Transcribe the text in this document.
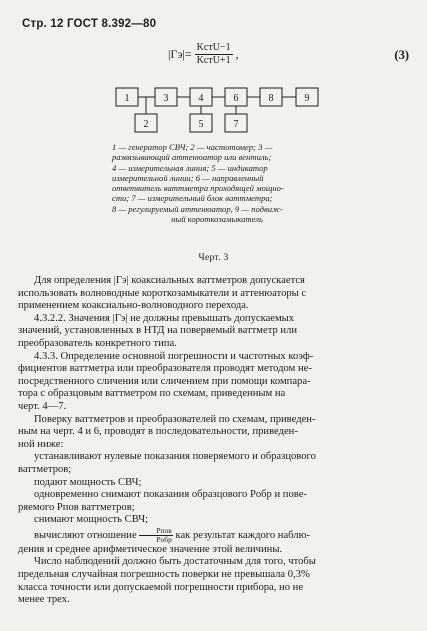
Стр. 12 ГОСТ 8.392—80
$|\Gamma э|= \frac{\text{KстU−1}}{\text{KстU+1}}$ ,	(3)
1	3	4	6	8	9
2	5	7
1 — генератор СВЧ; 2 — частотомер; 3 —
развязывающий аттенюатор или вентиль;
4 — измерительная линия; 5 — индикатор
измерительной линии; 6 — направленный
ответвитель ваттметра проходящей мощно-
сти; 7 — измерительный блок ваттметра;
8 — регулируемый аттенюатор, 9 — подвиж-
ный короткозамыкатель
Черт. 3
Для определения |Гэ| коаксиальных ваттметров допускается
использовать волноводные короткозамыкатели и аттенюаторы с
применением коаксиально-волноводного перехода.
4.3.2.2. Значения |Гэ| не должны превышать допускаемых
значений, установленных в НТД на поверяемый ваттметр или
преобразователь конкретного типа.
4.3.3. Определение основной погрешности и частотных коэф-
фициентов ваттметра или преобразователя проводят методом не-
посредственного сличения или сличением при помощи компара-
тора с образцовым ваттметром по схемам, приведенным на
черт. 4—7.
Поверку ваттметров и преобразователей по схемам, приведен-
ным на черт. 4 и 6, проводят в последовательности, приведен-
ной ниже:
устанавливают нулевые показания поверяемого и образцового
ваттметров;
подают мощность СВЧ;
одновременно снимают показания образцового Pобр и пове-
ряемого Pпов ваттметров;
снимают мощность СВЧ;
вычисляют отношение	Pпов
Pобр как результат каждого наблю-
дения и среднее арифметическое значение этой величины.
Число наблюдений должно быть достаточным для того, чтобы
предельная случайная погрешность поверки не превышала 0,3%
класса точности или допускаемой погрешности прибора, но не
менее трех.
